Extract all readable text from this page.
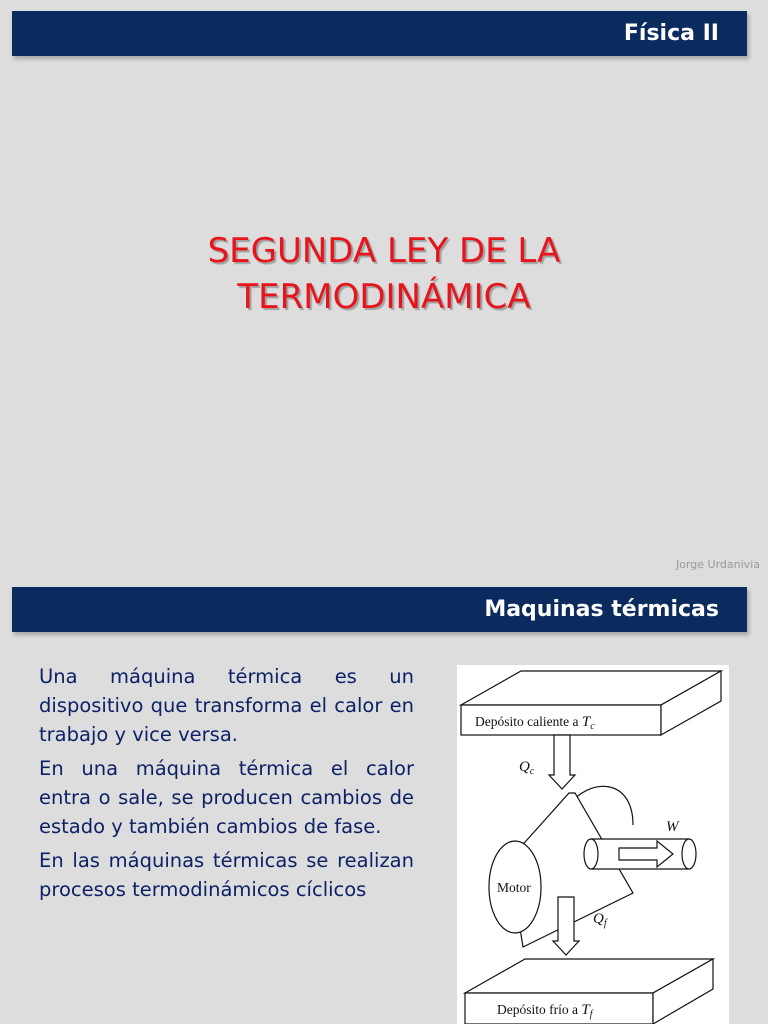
Física II
SEGUNDA LEY DE LA
TERMODINÁMICA
Jorge Urdanivia
Maquinas térmicas

Una máquina térmica es un dispositivo que transforma el calor en trabajo y vice versa.

En una máquina térmica el calor entra o sale, se producen cambios de estado y también cambios de fase.

En las máquinas térmicas se realizan procesos termodinámicos cíclicos

Depósito caliente a $T_c$
$Q_c$
W
Motor
$Q_f$
Depósito frío a $T_f$
